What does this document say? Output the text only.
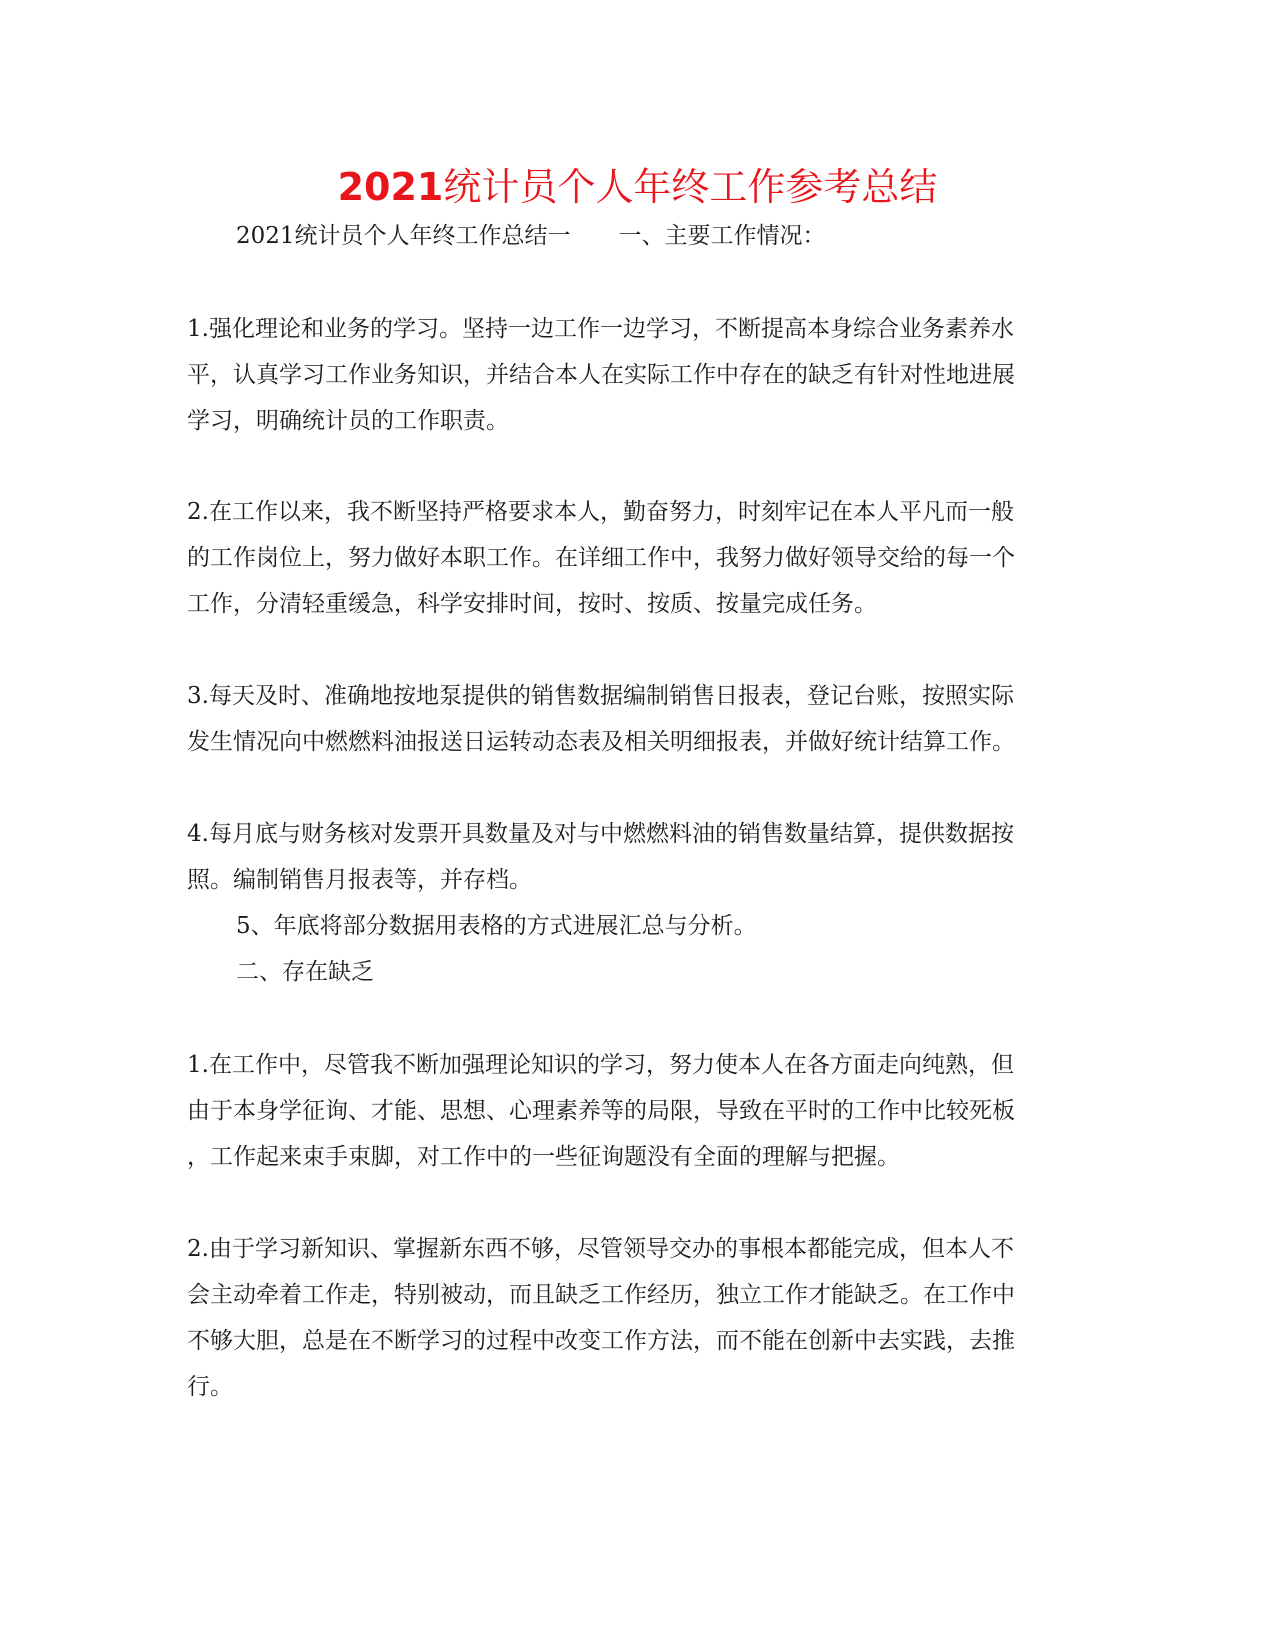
2021统计员个人年终工作参考总结

2021统计员个人年终工作总结一 一、主要工作情况：

1.强化理论和业务的学习。坚持一边工作一边学习，不断提高本身综合业务素养水

平，认真学习工作业务知识，并结合本人在实际工作中存在的缺乏有针对性地进展

学习，明确统计员的工作职责。

2.在工作以来，我不断坚持严格要求本人，勤奋努力，时刻牢记在本人平凡而一般

的工作岗位上，努力做好本职工作。在详细工作中，我努力做好领导交给的每一个

工作，分清轻重缓急，科学安排时间，按时、按质、按量完成任务。

3.每天及时、准确地按地泵提供的销售数据编制销售日报表，登记台账，按照实际

发生情况向中燃燃料油报送日运转动态表及相关明细报表，并做好统计结算工作。

4.每月底与财务核对发票开具数量及对与中燃燃料油的销售数量结算，提供数据按

照。编制销售月报表等，并存档。

5、年底将部分数据用表格的方式进展汇总与分析。

二、存在缺乏

1.在工作中，尽管我不断加强理论知识的学习，努力使本人在各方面走向纯熟，但

由于本身学征询、才能、思想、心理素养等的局限，导致在平时的工作中比较死板

，工作起来束手束脚，对工作中的一些征询题没有全面的理解与把握。

2.由于学习新知识、掌握新东西不够，尽管领导交办的事根本都能完成，但本人不

会主动牵着工作走，特别被动，而且缺乏工作经历，独立工作才能缺乏。在工作中

不够大胆，总是在不断学习的过程中改变工作方法，而不能在创新中去实践，去推

行。
